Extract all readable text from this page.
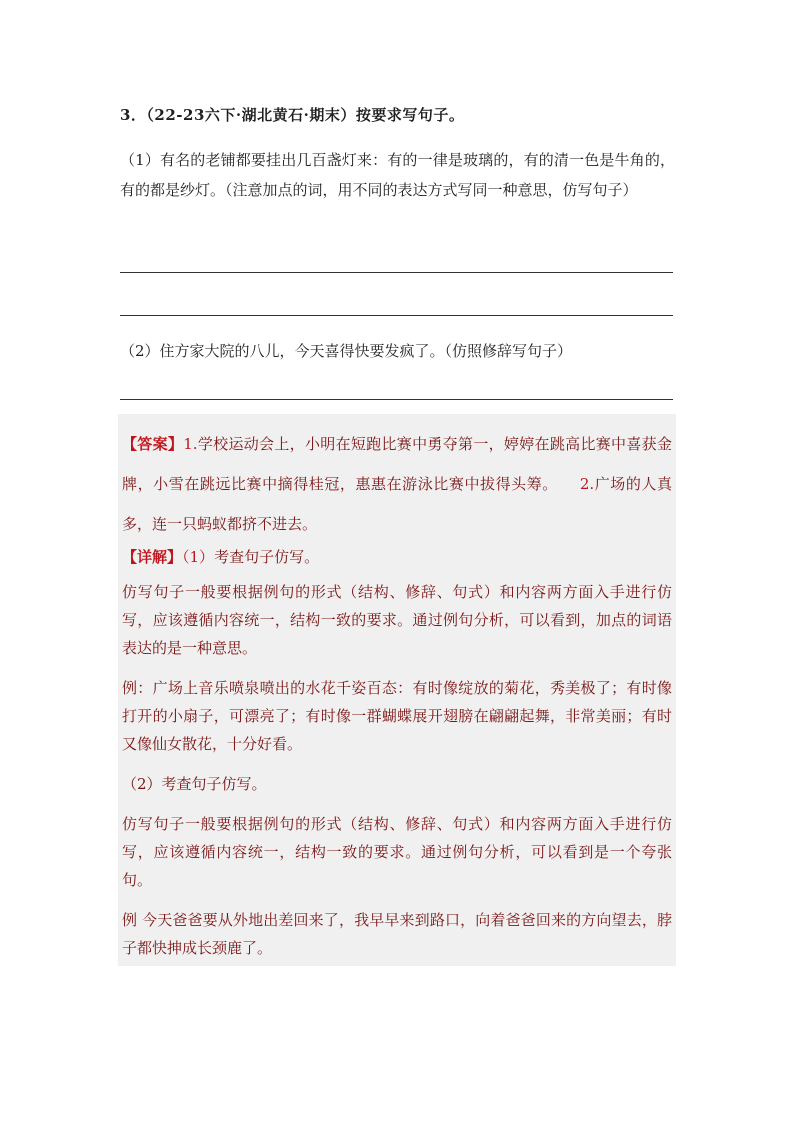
3．（22-23六下·湖北黄石·期末）按要求写句子。
（1）有名的老铺都要挂出几百盏灯来：有的一律是玻璃的，有的清一色是牛角的，有的都是纱灯。（注意加点的词，用不同的表达方式写同一种意思，仿写句子）
（2）住方家大院的八儿，今天喜得快要发疯了。（仿照修辞写句子）
【答案】1.学校运动会上，小明在短跑比赛中勇夺第一，婷婷在跳高比赛中喜获金牌，小雪在跳远比赛中摘得桂冠，惠惠在游泳比赛中拔得头筹。 2.广场的人真多，连一只蚂蚁都挤不进去。
【详解】（1）考查句子仿写。
仿写句子一般要根据例句的形式（结构、修辞、句式）和内容两方面入手进行仿写，应该遵循内容统一，结构一致的要求。通过例句分析，可以看到，加点的词语表达的是一种意思。
例：广场上音乐喷泉喷出的水花千姿百态：有时像绽放的菊花，秀美极了；有时像打开的小扇子，可漂亮了；有时像一群蝴蝶展开翅膀在翩翩起舞，非常美丽；有时又像仙女散花，十分好看。
（2）考查句子仿写。
仿写句子一般要根据例句的形式（结构、修辞、句式）和内容两方面入手进行仿写，应该遵循内容统一，结构一致的要求。通过例句分析，可以看到是一个夸张句。
例 今天爸爸要从外地出差回来了，我早早来到路口，向着爸爸回来的方向望去，脖子都快抻成长颈鹿了。
